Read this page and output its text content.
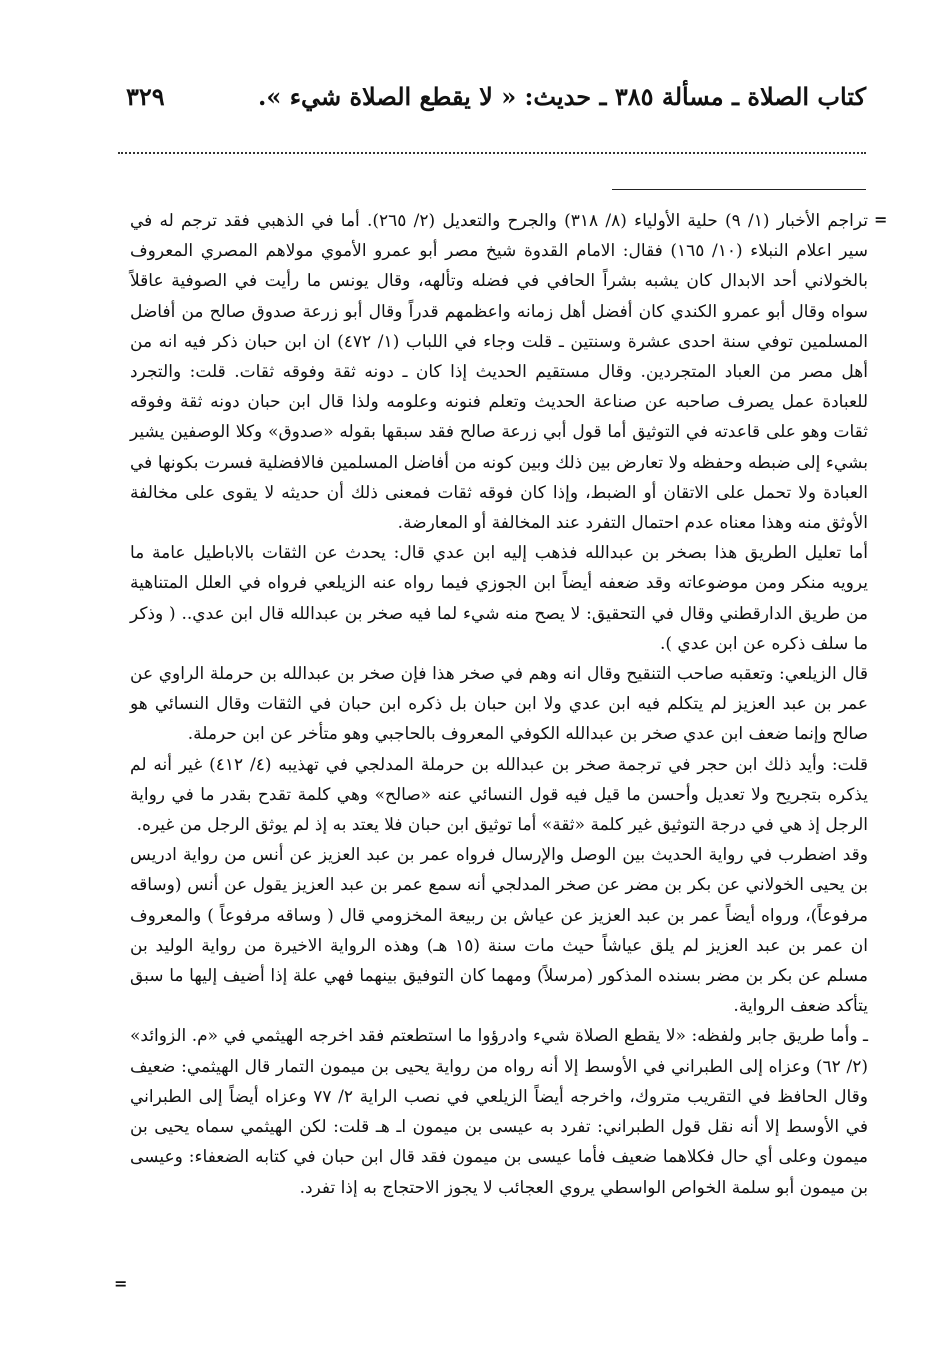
كتاب الصلاة ـ مسألة ٣٨٥ ـ حديث: « لا يقطع الصلاة شيء ».
٣٢٩
=

تراجم الأخبار (١/ ٩) حلية الأولياء (٨/ ٣١٨) والجرح والتعديل (٢/ ٢٦٥). أما في الذهبي فقد ترجم له في سير اعلام النبلاء (١٠/ ١٦٥) فقال: الامام القدوة شيخ مصر أبو عمرو الأموي مولاهم المصري المعروف بالخولاني أحد الابدال كان يشبه بشراً الحافي في فضله وتألهه، وقال يونس ما رأيت في الصوفية عاقلاً سواه وقال أبو عمرو الكندي كان أفضل أهل زمانه واعظمهم قدراً وقال أبو زرعة صدوق صالح من أفاضل المسلمين توفي سنة احدى عشرة وسنتين ـ قلت وجاء في اللباب (١/ ٤٧٢) ان ابن حبان ذكر فيه انه من أهل مصر من العباد المتجردين. وقال مستقيم الحديث إذا كان ـ دونه ثقة وفوقه ثقات. قلت: والتجرد للعبادة عمل يصرف صاحبه عن صناعة الحديث وتعلم فنونه وعلومه ولذا قال ابن حبان دونه ثقة وفوقه ثقات وهو على قاعدته في التوثيق أما قول أبي زرعة صالح فقد سبقها بقوله «صدوق» وكلا الوصفين يشير بشيء إلى ضبطه وحفظه ولا تعارض بين ذلك وبين كونه من أفاضل المسلمين فالافضلية فسرت بكونها في العبادة ولا تحمل على الاتقان أو الضبط، وإذا كان فوقه ثقات فمعنى ذلك أن حديثه لا يقوى على مخالفة الأوثق منه وهذا معناه عدم احتمال التفرد عند المخالفة أو المعارضة.

أما تعليل الطريق هذا بصخر بن عبدالله فذهب إليه ابن عدي قال: يحدث عن الثقات بالاباطيل عامة ما يرويه منكر ومن موضوعاته وقد ضعفه أيضاً ابن الجوزي فيما رواه عنه الزيلعي فرواه في العلل المتناهية من طريق الدارقطني وقال في التحقيق: لا يصح منه شيء لما فيه صخر بن عبدالله قال ابن عدي.. ( وذكر ما سلف ذكره عن ابن عدي ).

قال الزيلعي: وتعقبه صاحب التنقيح وقال انه وهم في صخر هذا فإن صخر بن عبدالله بن حرملة الراوي عن عمر بن عبد العزيز لم يتكلم فيه ابن عدي ولا ابن حبان بل ذكره ابن حبان في الثقات وقال النسائي هو صالح وإنما ضعف ابن عدي صخر بن عبدالله الكوفي المعروف بالحاجبي وهو متأخر عن ابن حرملة.

قلت: وأيد ذلك ابن حجر في ترجمة صخر بن عبدالله بن حرملة المدلجي في تهذيبه (٤/ ٤١٢) غير أنه لم يذكره بتجريح ولا تعديل وأحسن ما قيل فيه قول النسائي عنه «صالح» وهي كلمة تقدح بقدر ما في رواية الرجل إذ هي في درجة التوثيق غير كلمة «ثقة» أما توثيق ابن حبان فلا يعتد به إذ لم يوثق الرجل من غيره.

وقد اضطرب في رواية الحديث بين الوصل والإرسال فرواه عمر بن عبد العزيز عن أنس من رواية ادريس بن يحيى الخولاني عن بكر بن مضر عن صخر المدلجي أنه سمع عمر بن عبد العزيز يقول عن أنس (وساقه مرفوعاً)، ورواه أيضاً عمر بن عبد العزيز عن عياش بن ربيعة المخزومي قال ( وساقه مرفوعاً ) والمعروف ان عمر بن عبد العزيز لم يلق عياشاً حيث مات سنة (١٥ هـ) وهذه الرواية الاخيرة من رواية الوليد بن مسلم عن بكر بن مضر بسنده المذكور (مرسلاً) ومهما كان التوفيق بينهما فهي علة إذا أضيف إليها ما سبق يتأكد ضعف الرواية.

ـ وأما طريق جابر ولفظه: «لا يقطع الصلاة شيء وادرؤوا ما استطعتم فقد اخرجه الهيثمي في «م. الزوائد» (٢/ ٦٢) وعزاه إلى الطبراني في الأوسط إلا أنه رواه من رواية يحيى بن ميمون التمار قال الهيثمي: ضعيف وقال الحافظ في التقريب متروك، واخرجه أيضاً الزيلعي في نصب الراية ٢/ ٧٧ وعزاه أيضاً إلى الطبراني في الأوسط إلا أنه نقل قول الطبراني: تفرد به عيسى بن ميمون اـ هـ قلت: لكن الهيثمي سماه يحيى بن ميمون وعلى أي حال فكلاهما ضعيف فأما عيسى بن ميمون فقد قال ابن حبان في كتابه الضعفاء: وعيسى بن ميمون أبو سلمة الخواص الواسطي يروي العجائب لا يجوز الاحتجاج به إذا تفرد.

=
